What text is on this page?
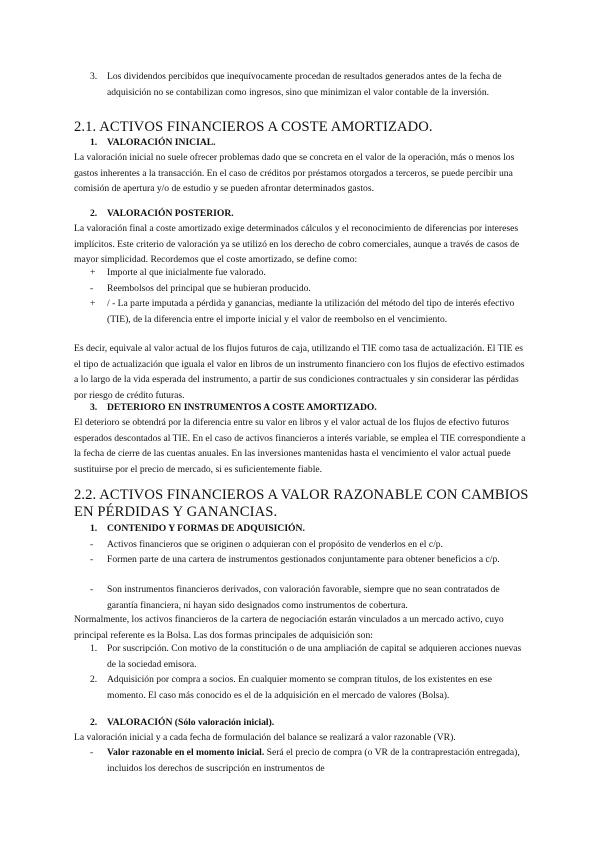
3.	Los dividendos percibidos que inequívocamente procedan de resultados generados antes de la fecha de adquisición no se contabilizan como ingresos, sino que minimizan el valor contable de la inversión.
2.1. ACTIVOS FINANCIEROS A COSTE AMORTIZADO.
1. VALORACIÓN INICIAL.

La valoración inicial no suele ofrecer problemas dado que se concreta en el valor de la operación, más o menos los gastos inherentes a la transacción. En el caso de créditos por préstamos otorgados a terceros, se puede percibir una comisión de apertura y/o de estudio y se pueden afrontar determinados gastos.

2. VALORACIÓN POSTERIOR.

La valoración final a coste amortizado exige determinados cálculos y el reconocimiento de diferencias por intereses implícitos. Este criterio de valoración ya se utilizó en los derecho de cobro comerciales, aunque a través de casos de mayor simplicidad. Recordemos que el coste amortizado, se define como:

+	Importe al que inicialmente fue valorado.
-	Reembolsos del principal que se hubieran producido.
+	/ - La parte imputada a pérdida y ganancias, mediante la utilización del método del tipo de interés efectivo (TIE), de la diferencia entre el importe inicial y el valor de reembolso en el vencimiento.

Es decir, equivale al valor actual de los flujos futuros de caja, utilizando el TIE como tasa de actualización. El TIE es el tipo de actualización que iguala el valor en libros de un instrumento financiero con los flujos de efectivo estimados a lo largo de la vida esperada del instrumento, a partir de sus condiciones contractuales y sin considerar las pérdidas por riesgo de crédito futuras.

3. DETERIORO EN INSTRUMENTOS A COSTE AMORTIZADO.

El deterioro se obtendrá por la diferencia entre su valor en libros y el valor actual de los flujos de efectivo futuros esperados descontados al TIE. En el caso de activos financieros a interés variable, se emplea el TIE correspondiente a la fecha de cierre de las cuentas anuales. En las inversiones mantenidas hasta el vencimiento el valor actual puede sustituirse por el precio de mercado, si es suficientemente fiable.

2.2. ACTIVOS FINANCIEROS A VALOR RAZONABLE CON CAMBIOS EN PÉRDIDAS Y GANANCIAS.
1. CONTENIDO Y FORMAS DE ADQUISICIÓN.
-	Activos financieros que se originen o adquieran con el propósito de venderlos en el c/p.
-	Formen parte de una cartera de instrumentos gestionados conjuntamente para obtener beneficios a c/p.
-	Son instrumentos financieros derivados, con valoración favorable, siempre que no sean contratados de garantía financiera, ni hayan sido designados como instrumentos de cobertura.

Normalmente, los activos financieros de la cartera de negociación estarán vinculados a un mercado activo, cuyo principal referente es la Bolsa. Las dos formas principales de adquisición son:

1.	Por suscripción. Con motivo de la constitución o de una ampliación de capital se adquieren acciones nuevas de la sociedad emisora.
2.	Adquisición por compra a socios. En cualquier momento se compran títulos, de los existentes en ese momento. El caso más conocido es el de la adquisición en el mercado de valores (Bolsa).
2. VALORACIÓN (Sólo valoración inicial).

La valoración inicial y a cada fecha de formulación del balance se realizará a valor razonable (VR).

-	Valor razonable en el momento inicial. Será el precio de compra (o VR de la contraprestación entregada), incluidos los derechos de suscripción en instrumentos de
